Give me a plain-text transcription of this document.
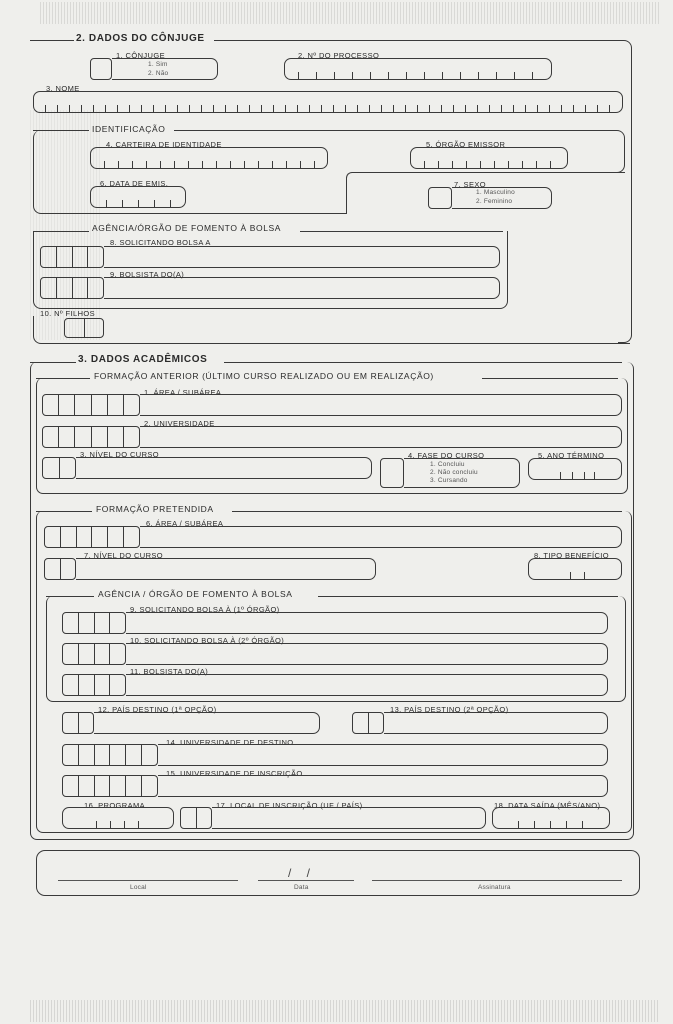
2. DADOS DO CÔNJUGE
1. CÔNJUGE
1. Sim
2. Não
2. Nº DO PROCESSO
3. NOME
IDENTIFICAÇÃO
4. CARTEIRA DE IDENTIDADE	5. ÓRGÃO EMISSOR
6. DATA DE EMIS.	7. SEXO
1. Masculino
2. Feminino
AGÊNCIA/ÓRGÃO DE FOMENTO À BOLSA
8. SOLICITANDO BOLSA A
9. BOLSISTA DO(A)
10. Nº FILHOS
3. DADOS ACADÊMICOS
FORMAÇÃO ANTERIOR (ÚLTIMO CURSO REALIZADO OU EM REALIZAÇÃO)
1. ÁREA / SUBÁREA
2. UNIVERSIDADE
3. NÍVEL DO CURSO	4. FASE DO CURSO
1. Concluiu
2. Não concluiu
3. Cursando
5. ANO TÉRMINO
FORMAÇÃO PRETENDIDA
6. ÁREA / SUBÁREA
7. NÍVEL DO CURSO	8. TIPO BENEFÍCIO
AGÊNCIA / ÓRGÃO DE FOMENTO À BOLSA
9. SOLICITANDO BOLSA À (1º ÓRGÃO)
10. SOLICITANDO BOLSA À (2º ÓRGÃO)
11. BOLSISTA DO(A)
12. PAÍS DESTINO (1ª OPÇÃO)	13. PAÍS DESTINO (2ª OPÇÃO)
14. UNIVERSIDADE DE DESTINO
15. UNIVERSIDADE DE INSCRIÇÃO
16. PROGRAMA	17. LOCAL DE INSCRIÇÃO (UF / PAÍS)	18. DATA SAÍDA (MÊS/ANO)
Local
/    /
Data	Assinatura
